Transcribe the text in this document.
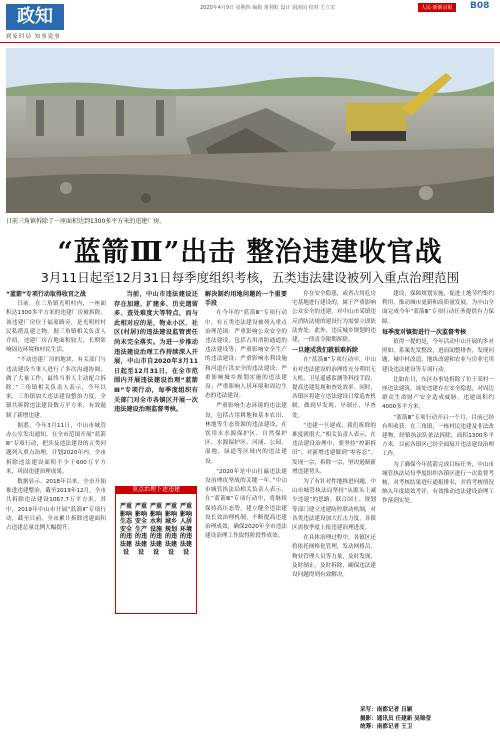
政知
到家时局 知事说事
2020年4月9日 星期四 编辑 黄利虹 设计 胡涛园 校对 王立宏	人民·新新京报	B08
日前三角镇拆除了一座面积达到1300多平方米的违建厂房。
“蓝箭Ⅲ”出击 整治违建收官战
3月11日起至12月31日每季度组织考核，五类违法建设被列入重点治理范围

“蓝箭”专项行动取得收官之战

日前，在三角镇光明村内，一座面积达1300多平方米的违建厂房被拆除，该违建厂房位于福原路旁，是光明村村民私搭乱建之物。据三角镇相关负责人介绍，违建厂房占地面积较大，长期影响周边环境和村民生活。

“不动违建厂房的地块，有关部门与违法建设当事人进行了多次沟通协调，做了大量工作，最终当事人主动配合拆除。”三角镇相关负责人表示，今年以来，三角镇加大违法建设整治力度，全镇共拆除违法建设数万平方米，有效遏制了新增违建。

据悉，今年3月11日，中山市城管办公室发出通知，在全市范围开展“蓝箭Ⅲ”专项行动，把涉及违法建设的五类问题列入重点治理，计划2020年内，全市拆除违法建设面积不少于600万平方米，巩固违建治理成果。

数据显示，2018年以来，全市开始推进违建整治，截至2019年12月，全市共拆除违法建设1067.7万平方米，其中，2019年中山市开展“蓝箭Ⅱ”专项行动，截至目前，全市累计拆除违建面积占违建总量比例大幅提升。

当前，中山市违法建设还存在加建、扩建多、历史遗留多、查处难度大等特点，而与此相对应的是，物业小区、社区(村居)的违法建设监管责任尚未完全落实。为进一步推动违法建设治理工作持续深入开展，中山市自2020年3月11日起至12月31日，在全市范围内开展违法建设治理“蓝箭Ⅲ”专项行动，每季度组织有关部门对全市各镇区开展一次违法建设治理监督考核。

重点治理下述违建
严重影响生态安全的违法建设
严重影响安全生产的违法建设
严重影响水利设施的违法建设
严重影响城乡规划的违法建设
严重影响人居环境的违法建设

解决制约用地问题的一个重要手段

在今年的“蓝箭Ⅲ”专项行动中，有五类违法建设被列入重点治理范围：严重影响公众安全的违法建设，包括占用消防通道的违法建设等；严重影响安全生产的违法建设；严重影响水利设施和河道行洪安全的违法建设；严重影响城乡规划实施的违法建设；严重影响人居环境和周边生态的违法建设。

严重影响生态环境的违法建设，包括占用耕地和基本农田、林地等生态资源的违法建设，在饮用水水源保护区、自然保护区、水源保护区、河涌、公园、湿地、绿道等区域内的违法建设。

“2020年是中山打赢违法建设治理攻坚战的关键一年。”中山市城管执法局相关负责人表示，在“蓝箭Ⅲ”专项行动中，将继续保持高压态势，建立健全违法建设长效治理机制，不断提高违建治理成效，确保2020年全市违法建设治理工作取得阶段性成效。

存在安全隐患，或者占用危房宅基地进行建设的，属于严重影响公众安全的违建。对中山市某镇违反消防法规的建设行为需要立即依法查处。此外，违反城乡规划的违建，一律责令限期拆除。

一旦建成我们就很难拆除

在“蓝箭Ⅲ”专项行动中，中山市对违法建设的治理将充分利用无人机、卫星遥感监测等科技手段，提高违建发现和查处效率。同时，各镇区将建立违法建设日常巡查机制，做到早发现、早制止、早查处。

“违建一旦建成，我们拆除的难度就很大。”相关负责人表示，在违法建设治理中，要坚持“控新拆旧”，对新增违建做到“零容忍”，发现一宗，拆除一宗，坚决遏制新增违建势头。

为了有针对性地推进问题，中山市城管执法局坚持“从源头上减少违建”的思路，联合国土、规划等部门建立违建防控联动机制，对各类违法建设加大打击力度，各镇区需按季度上报违建治理进度。

在具体治理过程中，各镇区还将依托网格化管理，发动网格员、物业管理人员等力量，及时发现、及时制止、及时拆除，确保违法建设问题得到有效解决。

建设，保障规划实施，促进土地节约集约利用，推动城市更新和高质量发展，为中山全面完成今年“蓝箭Ⅲ”专项行动任务提供有力保障。

每季度对镇街进行一次监督考核

值得一提的是，今年活动中山开展的多对照如，系案先发整改，进而闻整排查，发现问题，城中村改造、地块改建和农业与房业宅用建设违法建设等专项行动。

比如在日，东区办事处拆除了位于某村一座违法建筑，该处违建存在安全隐患，对周边群众生命财产安全造成威胁，违建面积约4000多平方米。

“蓝箭Ⅲ”专项行动开启一个月，目前已经有所收获：在三角镇，一栋村民违建及非法改建物，经镇执法队依法拆除，面积1300多平方米。目前各镇区已经全面展开违法建设治理工作。

为了确保今年蓝箭完成目标任务，中山市城管执法局每季度组织各镇区进行一次监督考核，对考核结果进行通报排名，并将考核情况纳入年度绩效考评，有效推动违法建设治理工作落到实处。

采写：南都记者 吕颖
摄影：通讯员 任建新 吴锦莹
统筹：南都记者 王卫
